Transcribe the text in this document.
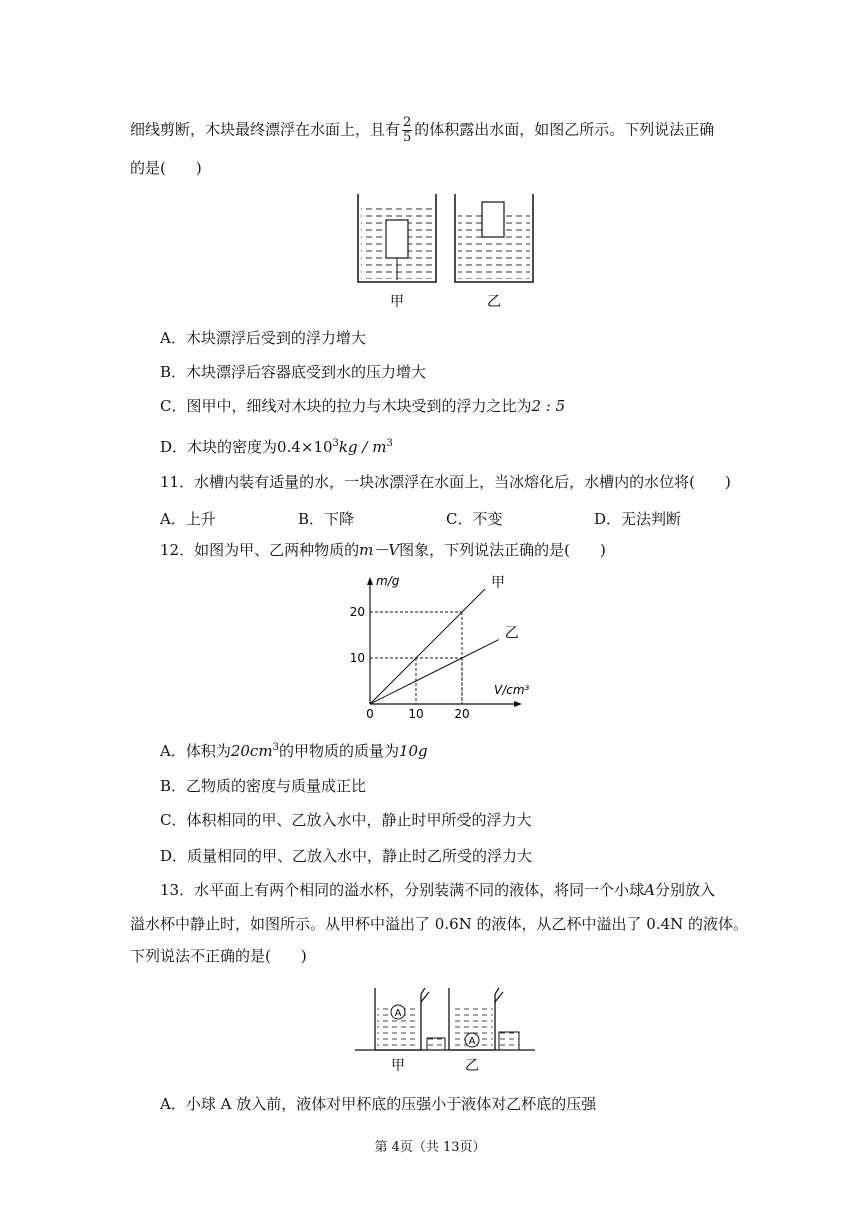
细线剪断，木块最终漂浮在水面上，且有 $\frac{2}{5}$ 的体积露出水面，如图乙所示。下列说法正确
的是(　　)
甲	乙
A．木块漂浮后受到的浮力增大
B．木块漂浮后容器底受到水的压力增大
C．图甲中，细线对木块的拉力与木块受到的浮力之比为2 : 5
D．木块的密度为$0.4\times 10^3kg / m^3$
11．水槽内装有适量的水，一块冰漂浮在水面上，当冰熔化后，水槽内的水位将(　　)
A．上升	B．下降	C．不变	D．无法判断
12．如图为甲、乙两种物质的m－V图象，下列说法正确的是(　　)
甲
乙
0	10	20
10
20
m/g
V/cm³
A．体积为$20cm^3$的甲物质的质量为10g
B．乙物质的密度与质量成正比
C．体积相同的甲、乙放入水中，静止时甲所受的浮力大
D．质量相同的甲、乙放入水中，静止时乙所受的浮力大
13．水平面上有两个相同的溢水杯，分别装满不同的液体，将同一个小球A分别放入
溢水杯中静止时，如图所示。从甲杯中溢出了 0.6N 的液体，从乙杯中溢出了 0.4N 的液体。
下列说法不正确的是(　　)
A
A
甲	乙
A．小球 A 放入前，液体对甲杯底的压强小于液体对乙杯底的压强
第 4页（共 13页）
